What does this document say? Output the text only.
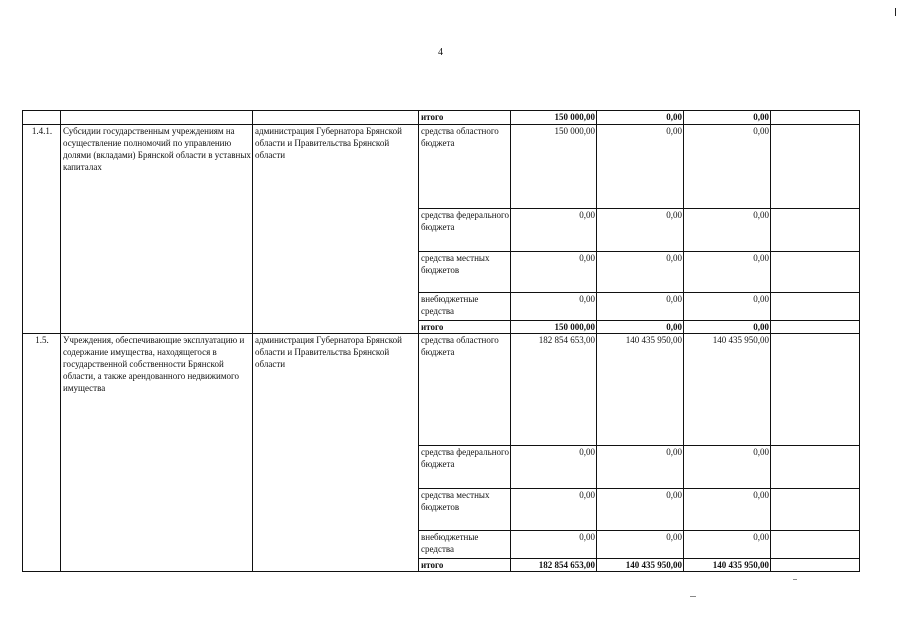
4
			итого	150 000,00	0,00	0,00	
1.4.1.	Субсидии государственным учреждениям на осуществление полномочий по управлению долями (вкладами) Брянской области в уставных капиталах	администрация Губернатора Брянской области и Правительства Брянской области	средства областного бюджета	150 000,00	0,00	0,00	
			средства федерального бюджета	0,00	0,00	0,00	
			средства местных бюджетов	0,00	0,00	0,00	
			внебюджетные средства	0,00	0,00	0,00	
			итого	150 000,00	0,00	0,00	
1.5.	Учреждения, обеспечивающие эксплуатацию и содержание имущества, находящегося в государственной собственности Брянской области, а также арендованного недвижимого имущества	администрация Губернатора Брянской области и Правительства Брянской области	средства областного бюджета	182 854 653,00	140 435 950,00	140 435 950,00	
			средства федерального бюджета	0,00	0,00	0,00	
			средства местных бюджетов	0,00	0,00	0,00	
			внебюджетные средства	0,00	0,00	0,00	
			итого	182 854 653,00	140 435 950,00	140 435 950,00	
